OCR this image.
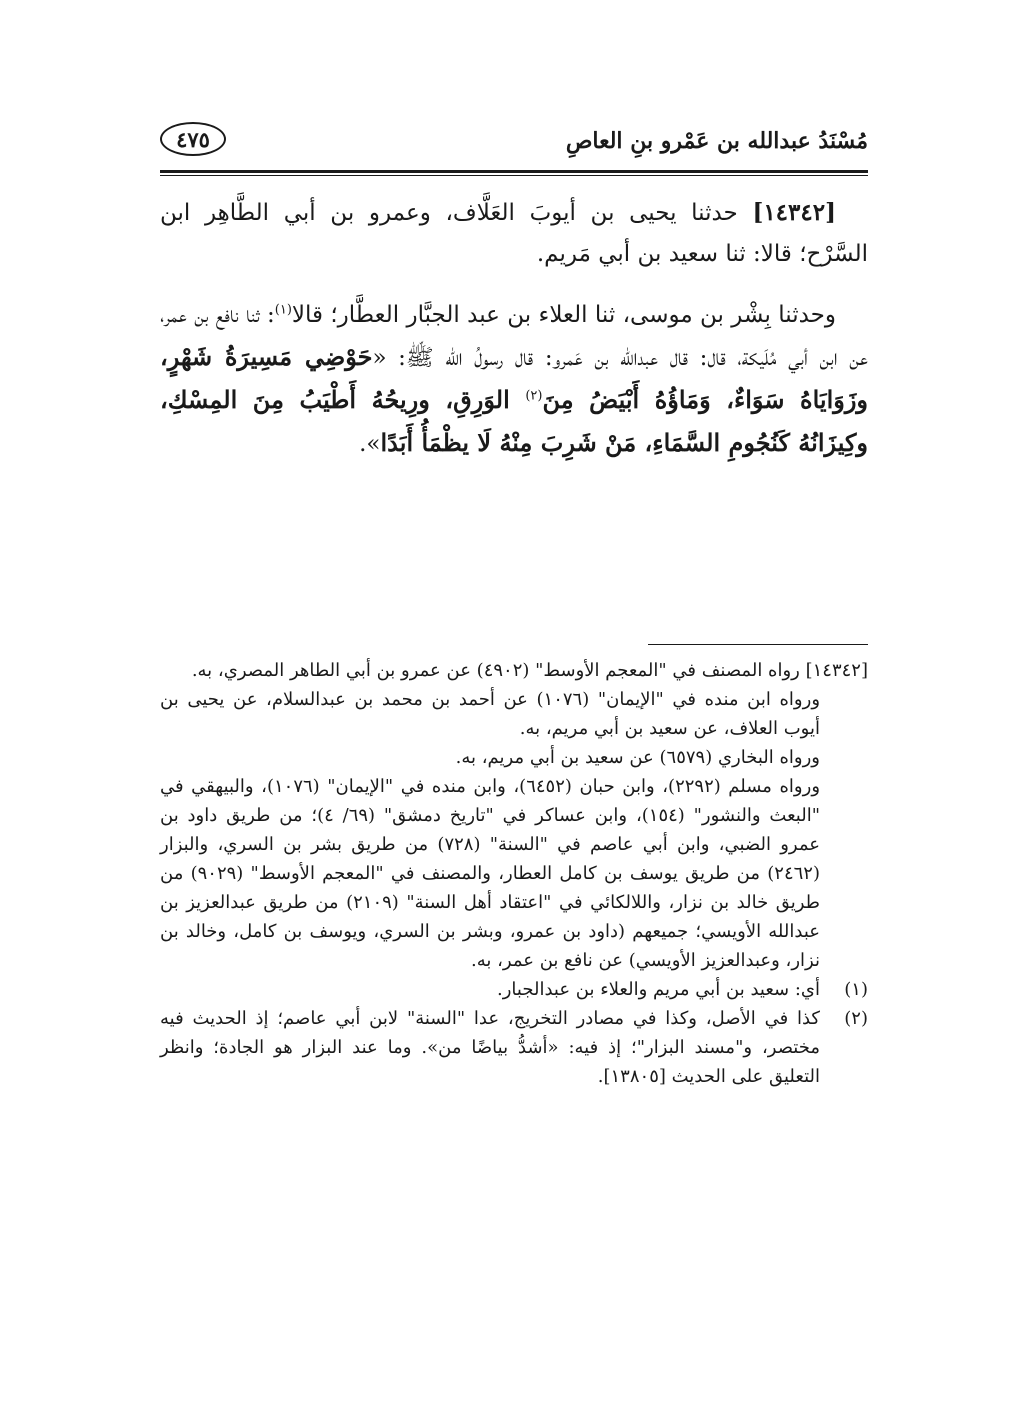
مُسْنَدُ عبدالله بن عَمْرو بنِ العاصِ
٤٧٥

[١٤٣٤٢] حدثنا يحيى بن أيوبَ العَلَّاف، وعمرو بن أبي الطَّاهِر ابن السَّرْح؛ قالا: ثنا سعيد بن أبي مَريم.

وحدثنا بِشْر بن موسى، ثنا العلاء بن عبد الجبَّار العطَّار؛ قالا$^{(١)}$: ثنا نافع بن عمر، عن ابن أبي مُلَيكة، قال: قال عبدالله بن عَمرو: قال رسولُ الله ﷺ: «حَوْضِي مَسِيرَةُ شَهْرٍ، وزَوَايَاهُ سَوَاءٌ، وَمَاؤُهُ أَبْيَضُ مِنَ$^{(٢)}$ الوَرِقِ، ورِيحُهُ أَطْيَبُ مِنَ المِسْكِ، وكِيزَانُهُ كَنُجُومِ السَّمَاءِ، مَنْ شَرِبَ مِنْهُ لَا يظْمَأُ أَبَدًا».

[١٤٣٤٢] رواه المصنف في "المعجم الأوسط" (٤٩٠٢) عن عمرو بن أبي الطاهر المصري، به.

ورواه ابن منده في "الإيمان" (١٠٧٦) عن أحمد بن محمد بن عبدالسلام، عن يحيى بن أيوب العلاف، عن سعيد بن أبي مريم، به.

ورواه البخاري (٦٥٧٩) عن سعيد بن أبي مريم، به.

ورواه مسلم (٢٢٩٢)، وابن حبان (٦٤٥٢)، وابن منده في "الإيمان" (١٠٧٦)، والبيهقي في "البعث والنشور" (١٥٤)، وابن عساكر في "تاريخ دمشق" (٦٩/ ٤)؛ من طريق داود بن عمرو الضبي، وابن أبي عاصم في "السنة" (٧٢٨) من طريق بشر بن السري، والبزار (٢٤٦٢) من طريق يوسف بن كامل العطار، والمصنف في "المعجم الأوسط" (٩٠٢٩) من طريق خالد بن نزار، واللالكائي في "اعتقاد أهل السنة" (٢١٠٩) من طريق عبدالعزيز بن عبدالله الأويسي؛ جميعهم (داود بن عمرو، وبشر بن السري، ويوسف بن كامل، وخالد بن نزار، وعبدالعزيز الأويسي) عن نافع بن عمر، به.

(١)
أي: سعيد بن أبي مريم والعلاء بن عبدالجبار.

(٢)
كذا في الأصل، وكذا في مصادر التخريج، عدا "السنة" لابن أبي عاصم؛ إذ الحديث فيه مختصر، و"مسند البزار"؛ إذ فيه: «أشدُّ بياضًا من». وما عند البزار هو الجادة؛ وانظر التعليق على الحديث [١٣٨٠٥].
